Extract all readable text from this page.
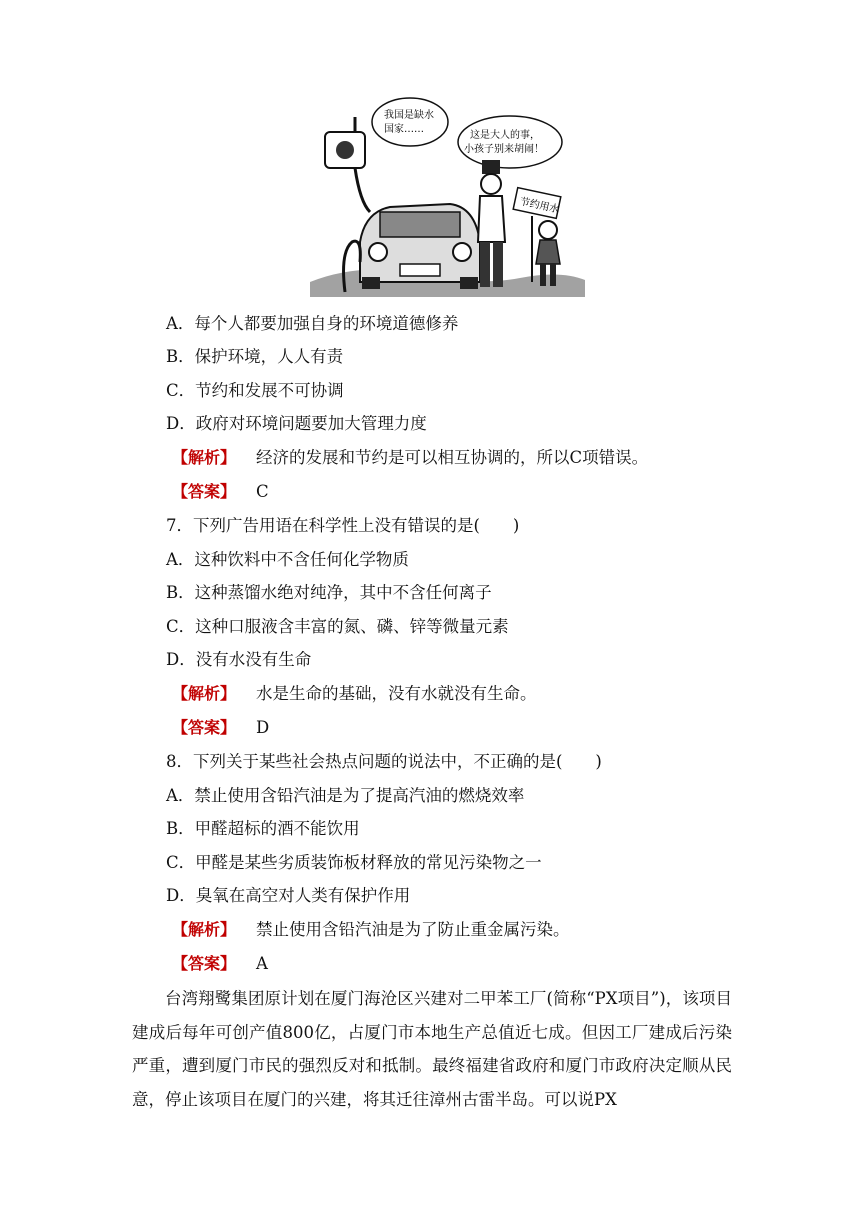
我国是缺水
国家……
这是大人的事，
小孩子别来胡闹！
节约用水
A．每个人都要加强自身的环境道德修养
B．保护环境，人人有责
C．节约和发展不可协调
D．政府对环境问题要加大管理力度
【解析】 经济的发展和节约是可以相互协调的，所以C项错误。
【答案】 C
7．下列广告用语在科学性上没有错误的是(　　)
A．这种饮料中不含任何化学物质
B．这种蒸馏水绝对纯净，其中不含任何离子
C．这种口服液含丰富的氮、磷、锌等微量元素
D．没有水没有生命
【解析】 水是生命的基础，没有水就没有生命。
【答案】 D
8．下列关于某些社会热点问题的说法中，不正确的是(　　)
A．禁止使用含铅汽油是为了提高汽油的燃烧效率
B．甲醛超标的酒不能饮用
C．甲醛是某些劣质装饰板材释放的常见污染物之一
D．臭氧在高空对人类有保护作用
【解析】 禁止使用含铅汽油是为了防止重金属污染。
【答案】 A
台湾翔鹭集团原计划在厦门海沧区兴建对二甲苯工厂(简称“PX项目”)，该项目建成后每年可创产值800亿，占厦门市本地生产总值近七成。但因工厂建成后污染严重，遭到厦门市民的强烈反对和抵制。最终福建省政府和厦门市政府决定顺从民意，停止该项目在厦门的兴建，将其迁往漳州古雷半岛。可以说PX
